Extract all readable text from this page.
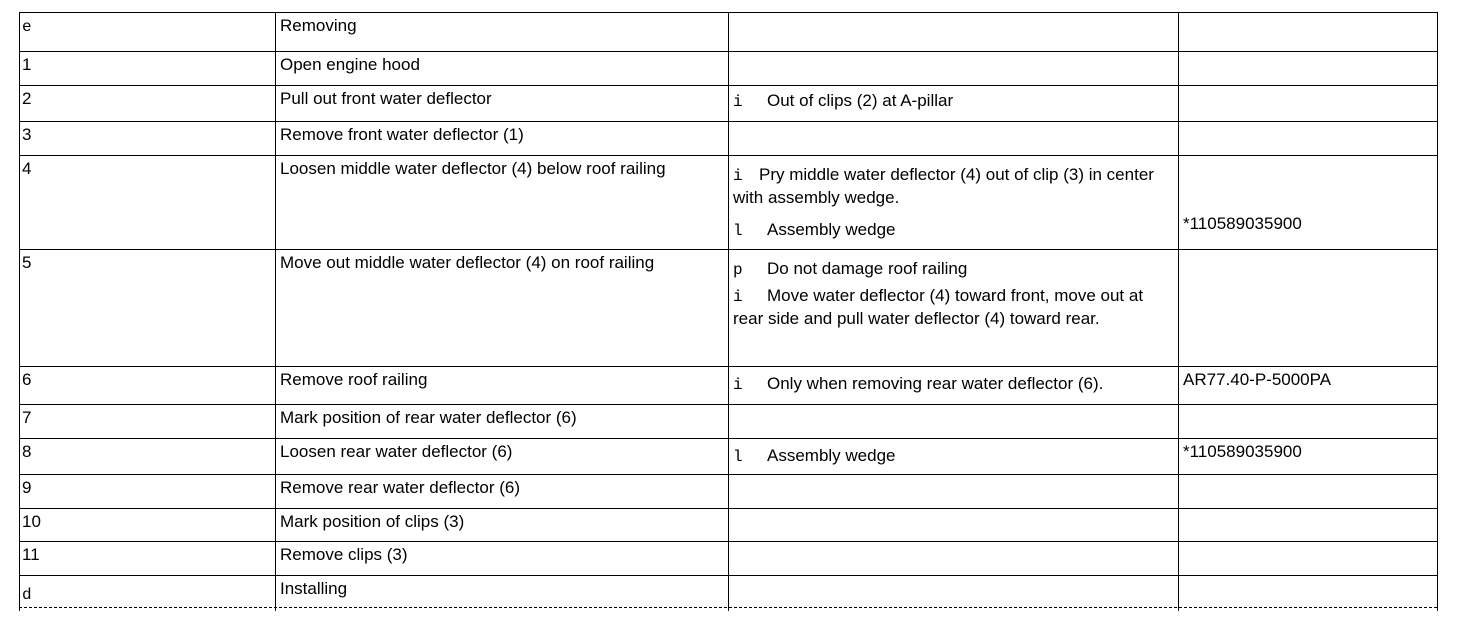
e	Removing		
1	Open engine hood		
2	Pull out front water deflector	i Out of clips (2) at A-pillar	

3	Remove front water deflector (1)		
4	Loosen middle water deflector (4) below roof railing	i Pry middle water deflector (4) out of clip (3) in center with assembly wedge.
l Assembly wedge	*110589035900

5	Move out middle water deflector (4) on roof railing	p Do not damage roof railing
i Move water deflector (4) toward front, move out at rear side and pull water deflector (4) toward rear.	

6	Remove roof railing	i Only when removing rear water deflector (6).	AR77.40-P-5000PA

7	Mark position of rear water deflector (6)		
8	Loosen rear water deflector (6)	l Assembly wedge	*110589035900

9	Remove rear water deflector (6)		
10	Mark position of clips (3)		
11	Remove clips (3)		
d	Installing		
